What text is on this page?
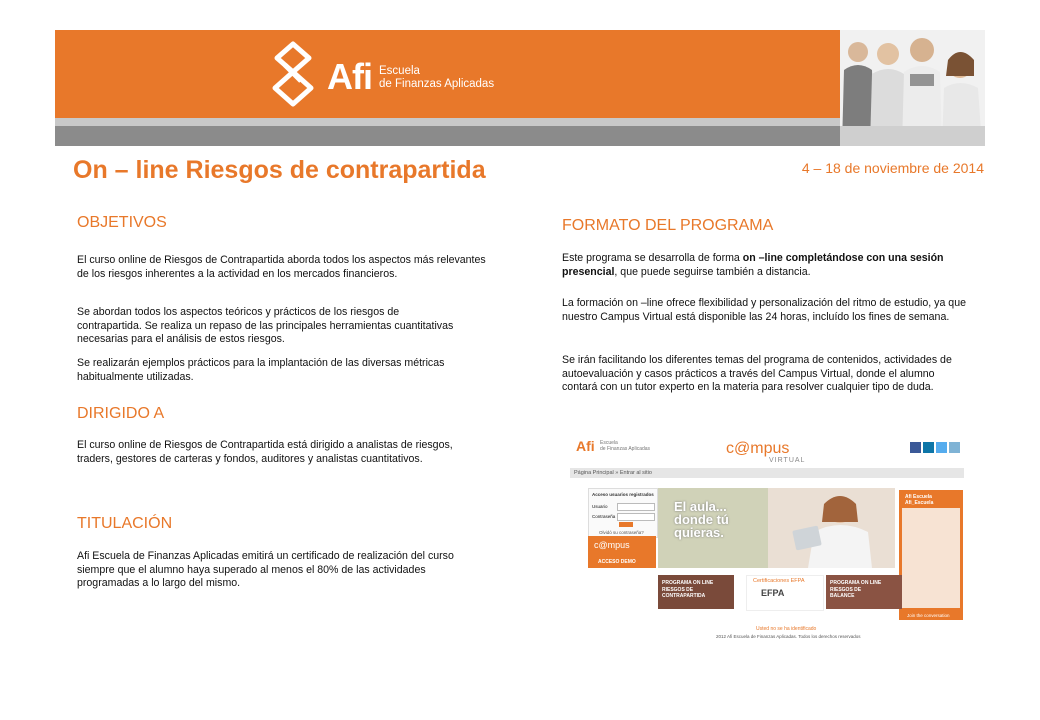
Afi Escuela
de Finanzas Aplicadas
On – line Riesgos de contrapartida	4 – 18 de noviembre de 2014
OBJETIVOS

El curso online de Riesgos de Contrapartida aborda todos los aspectos más relevantes de los riesgos inherentes a la actividad en los mercados financieros.

Se abordan todos los aspectos teóricos y prácticos de los riesgos de contrapartida. Se realiza un repaso de las principales herramientas cuantitativas necesarias para el análisis de estos riesgos.

Se realizarán ejemplos prácticos para la implantación de las diversas métricas habitualmente utilizadas.

DIRIGIDO A

El curso online de Riesgos de Contrapartida está dirigido a analistas de riesgos, traders, gestores de carteras y fondos, auditores y analistas cuantitativos.

TITULACIÓN

Afi Escuela de Finanzas Aplicadas emitirá un certificado de realización del curso siempre que el alumno haya superado al menos el 80% de las actividades programadas a lo largo del mismo.

FORMATO DEL PROGRAMA

Este programa se desarrolla de forma on –line completándose con una sesión presencial, que puede seguirse también a distancia.

La formación on –line ofrece flexibilidad y personalización del ritmo de estudio, ya que nuestro Campus Virtual está disponible las 24 horas, incluído los fines de semana.

Se irán facilitando los diferentes temas del programa de contenidos, actividades de autoevaluación y casos prácticos a través del Campus Virtual, donde el alumno contará con un tutor experto en la materia para resolver cualquier tipo de duda.

Afi Escuela
de Finanzas Aplicadas	c@mpus
VIRTUAL
Página Principal » Entrar al sitio
Acceso usuarios registrados
Usuario
Contraseña
Olvidó su contraseña?
c@mpus
ACCESO DEMO
El aula...
donde tú
quieras.
Afi Escuela
Afi_Escuela
Join the conversation
PROGRAMA ON LINE
RIESGOS DE
CONTRAPARTIDA
Certificaciones EFPA
EFPA
PROGRAMA ON LINE
RIESGOS DE
BALANCE
Usted no se ha identificado
2012 Afi Escuela de Finanzas Aplicadas. Todos los derechos reservados
